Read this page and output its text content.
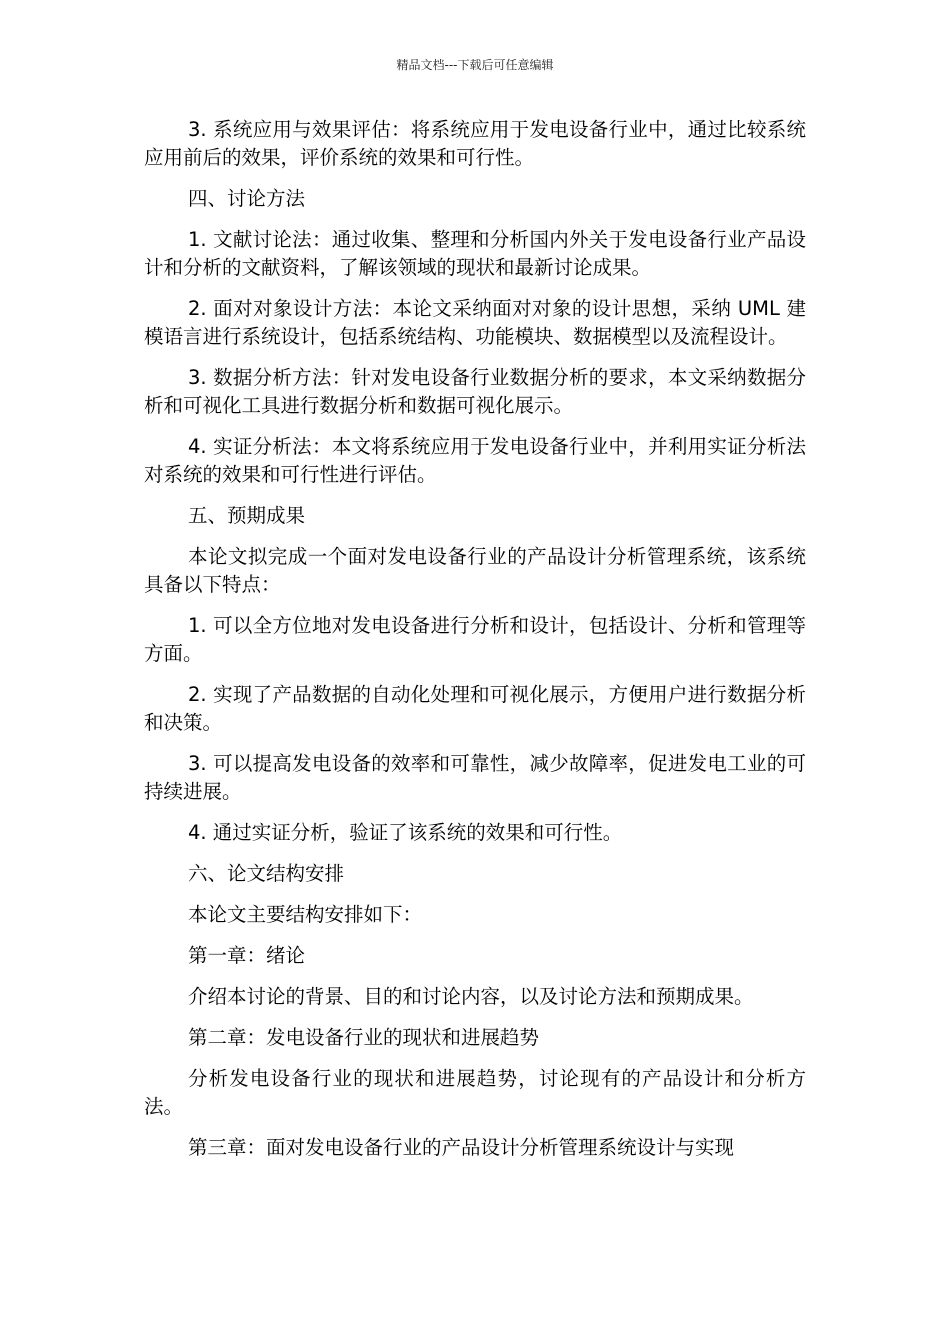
精品文档---下载后可任意编辑

3. 系统应用与效果评估：将系统应用于发电设备行业中，通过比较系统应用前后的效果，评价系统的效果和可行性。

四、讨论方法

1. 文献讨论法：通过收集、整理和分析国内外关于发电设备行业产品设计和分析的文献资料，了解该领域的现状和最新讨论成果。

2. 面对对象设计方法：本论文采纳面对对象的设计思想，采纳 UML 建模语言进行系统设计，包括系统结构、功能模块、数据模型以及流程设计。

3. 数据分析方法：针对发电设备行业数据分析的要求，本文采纳数据分析和可视化工具进行数据分析和数据可视化展示。

4. 实证分析法：本文将系统应用于发电设备行业中，并利用实证分析法对系统的效果和可行性进行评估。

五、预期成果

本论文拟完成一个面对发电设备行业的产品设计分析管理系统，该系统具备以下特点：

1. 可以全方位地对发电设备进行分析和设计，包括设计、分析和管理等方面。

2. 实现了产品数据的自动化处理和可视化展示，方便用户进行数据分析和决策。

3. 可以提高发电设备的效率和可靠性，减少故障率，促进发电工业的可持续进展。

4. 通过实证分析，验证了该系统的效果和可行性。

六、论文结构安排

本论文主要结构安排如下：

第一章：绪论

介绍本讨论的背景、目的和讨论内容，以及讨论方法和预期成果。

第二章：发电设备行业的现状和进展趋势

分析发电设备行业的现状和进展趋势，讨论现有的产品设计和分析方法。

第三章：面对发电设备行业的产品设计分析管理系统设计与实现
